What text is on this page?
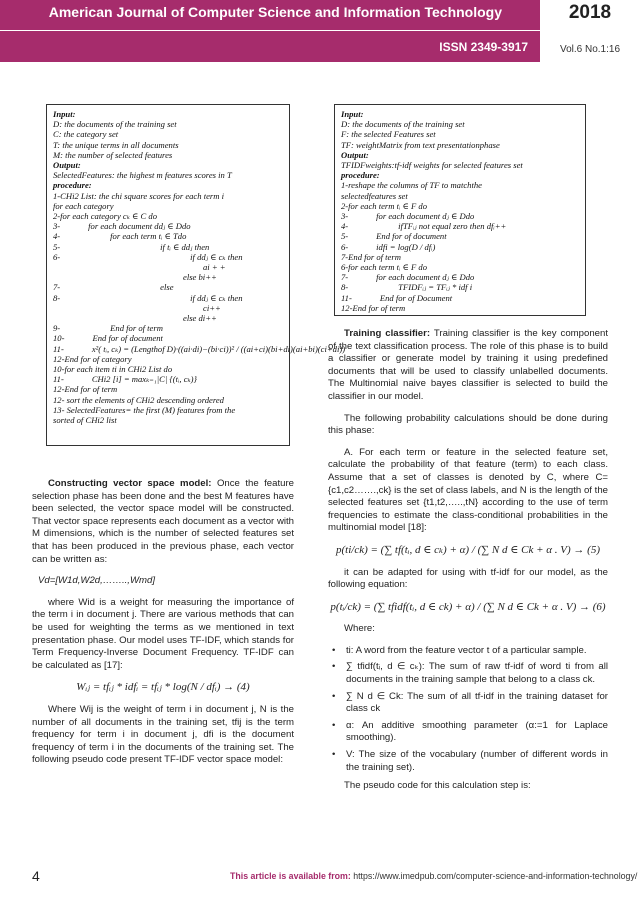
American Journal of Computer Science and Information Technology
ISSN 2349-3917
2018
Vol.6 No.1:16
Input:
D: the documents of the training set
C: the category set
T: the unique terms in all documents
M: the number of selected features
Output:
SelectedFeatures: the highest m features scores in T
procedure:
1-CHi2 List: the chi square scores for each term i
for each category
2-for each category cₖ ∈ C do
3-	for each document ddⱼ ∈ Ddo
4-	for each term tᵢ ∈ Tdo
5-	if tᵢ ∈ ddⱼ then
6-	if ddⱼ ∈ cₖ then
ai + +
else bi++
7-	else
8-	if ddⱼ ∈ cₖ then
ci++
else di++
9-	End for of term
10-	End for of document
11-	x²( tᵢ, cₖ) = (Lengthof D)·((ai·di)−(bi·ci))² / ((ai+ci)(bi+di)(ai+bi)(ci+di))
12-End for of category
10-for each item ti in CHi2 List do
11-	CHi2 [i] = maxₖ₌₁|C| {(tᵢ, cₖ)}
12-End for of term
12- sort the elements of CHi2 descending ordered
13- SelectedFeatures= the first (M) features from the
sorted of CHi2 list
Input:
D: the documents of the training set
F: the selected Features set
TF: weightMatrix from text presentationphase
Output:
TFIDFweights:tf-idf weights for selected features set
procedure:
1-reshape the columns of TF to matchthe
selectedfeatures set
2-for each term tᵢ ∈ F do
3-	for each document dⱼ ∈ Ddo
4-	ifTFᵢⱼ not equal zero then dfᵢ++
5-	End for of document
6-	idfi = log(D / dfᵢ)
7-End for of term
6-for each term tᵢ ∈ F do
7-	for each document dⱼ ∈ Ddo
8-	TFIDFᵢⱼ = TFᵢⱼ * idf i
11-	End for of Document
12-End for of term

Constructing vector space model: Once the feature selection phase has been done and the best M features have been selected, the vector space model will be constructed. That vector space represents each document as a vector with M dimensions, which is the number of selected features set that has been produced in the previous phase, each vector can be written as:

Vd=[W1d,W2d,……..,Wmd]

where Wid is a weight for measuring the importance of the term i in document j. There are various methods that can be used for weighting the terms as we mentioned in text presentation phase. Our model uses TF-IDF, which stands for Term Frequency-Inverse Document Frequency. TF-IDF can be calculated as [17]:

Wᵢⱼ = tfᵢⱼ * idfᵢ = tfᵢⱼ * log(N / dfᵢ) → (4)

Where Wij is the weight of term i in document j, N is the number of all documents in the training set, tfij is the term frequency for term i in document j, dfi is the document frequency of term i in the documents of the training set. The following pseudo code present TF-IDF vector space model:

Training classifier: Training classifier is the key component of the text classification process. The role of this phase is to build a classifier or generate model by training it using predefined documents that will be used to classify unlabelled documents. The Multinomial naive bayes classifier is selected to build the classifier in our model.

The following probability calculations should be done during this phase:

A. For each term or feature in the selected feature set, calculate the probability of that feature (term) to each class. Assume that a set of classes is denoted by C, where C={c1,c2…….,ck} is the set of class labels, and N is the length of the selected features set {t1,t2,…..,tN} according to the use of term frequencies to estimate the class-conditional probabilities in the multinomial model [18]:

p(ti/ck) = (∑ tf(tᵢ, d ∈ cₖ) + α) / (∑ N d ∈ Ck + α . V) → (5)

it can be adapted for using with tf-idf for our model, as the following equation:

p(tᵢ/ck) = (∑ tfidf(tᵢ, d ∈ ck) + α) / (∑ N d ∈ Ck + α . V) → (6)

Where:

• ti: A word from the feature vector t of a particular sample.
• ∑ tfidf(tᵢ, d ∈ cₖ): The sum of raw tf-idf of word ti from all documents in the training sample that belong to a class ck.
• ∑ N d ∈ Ck: The sum of all tf-idf in the training dataset for class ck
• α: An additive smoothing parameter (α:=1 for Laplace smoothing).
• V: The size of the vocabulary (number of different words in the training set).

The pseudo code for this calculation step is:

4	This article is available from: https://www.imedpub.com/computer-science-and-information-technology/
